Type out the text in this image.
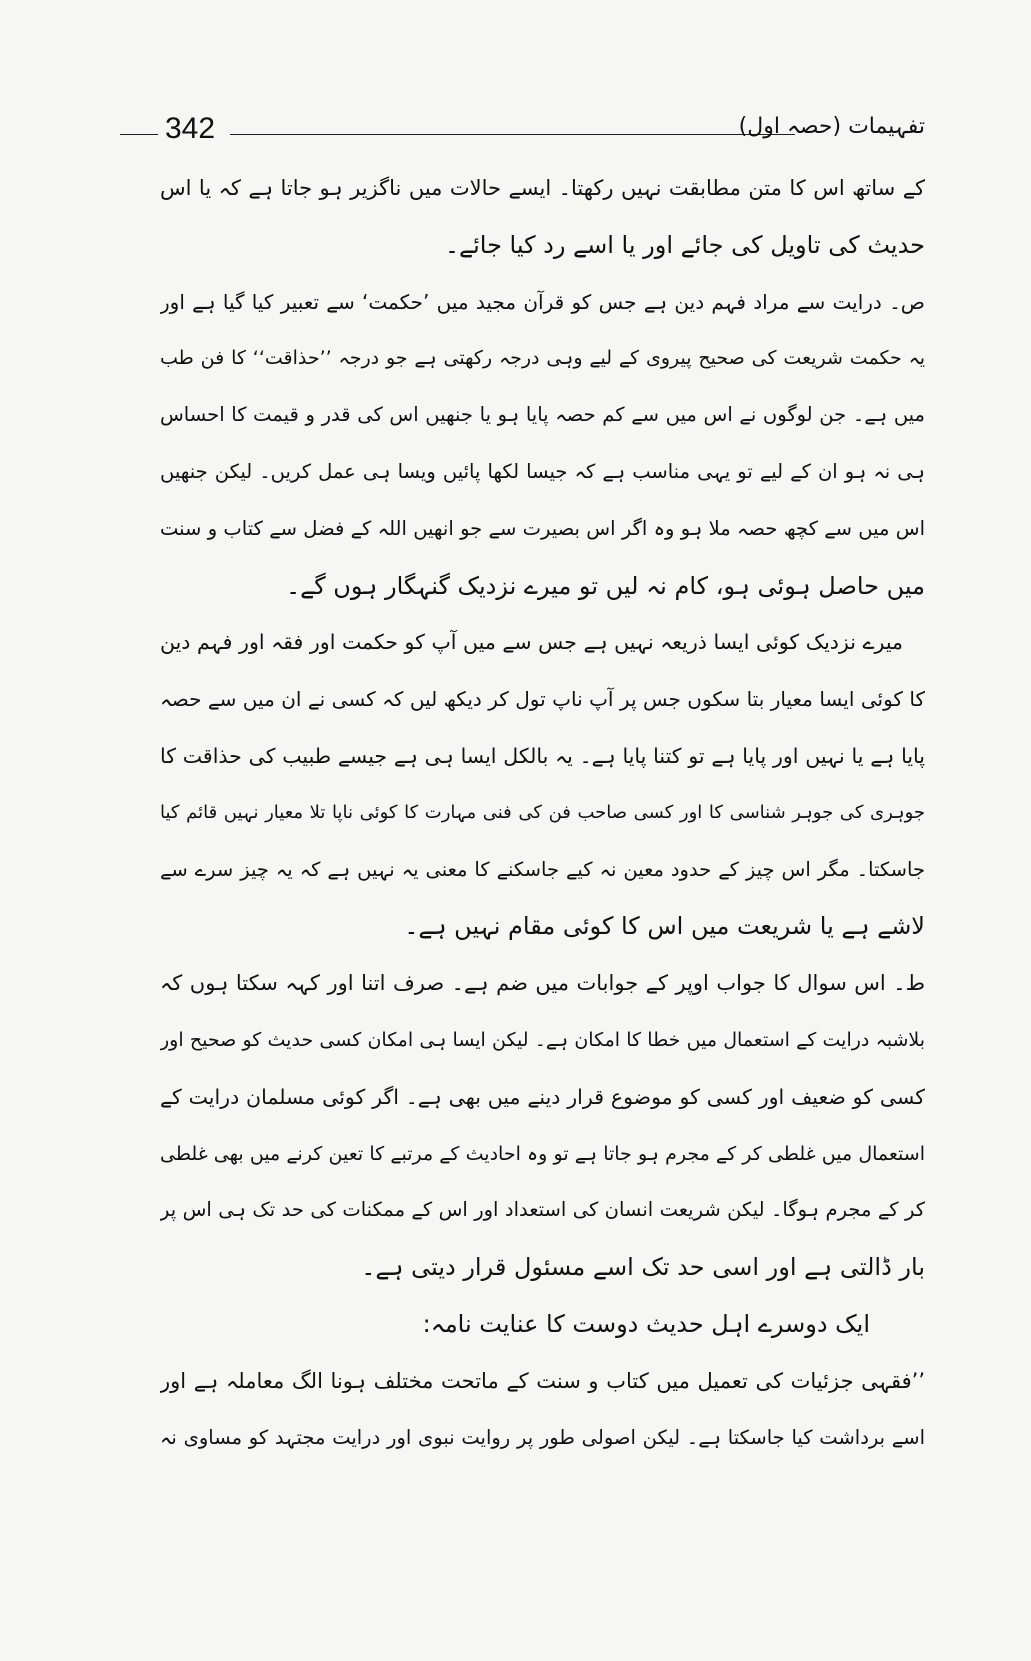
342	تفہیمات (حصہ اول)
کے ساتھ اس کا متن مطابقت نہیں رکھتا۔ ایسے حالات میں ناگزیر ہو جاتا ہے کہ یا اس
حدیث کی تاویل کی جائے اور یا اسے رد کیا جائے۔
ص۔ درایت سے مراد فہم دین ہے جس کو قرآن مجید میں ’حکمت‘ سے تعبیر کیا گیا ہے اور
یہ حکمت شریعت کی صحیح پیروی کے لیے وہی درجہ رکھتی ہے جو درجہ ’’حذاقت‘‘ کا فن طب
میں ہے۔ جن لوگوں نے اس میں سے کم حصہ پایا ہو یا جنھیں اس کی قدر و قیمت کا احساس
ہی نہ ہو ان کے لیے تو یہی مناسب ہے کہ جیسا لکھا پائیں ویسا ہی عمل کریں۔ لیکن جنھیں
اس میں سے کچھ حصہ ملا ہو وہ اگر اس بصیرت سے جو انھیں اللہ کے فضل سے کتاب و سنت
میں حاصل ہوئی ہو، کام نہ لیں تو میرے نزدیک گنہگار ہوں گے۔
میرے نزدیک کوئی ایسا ذریعہ نہیں ہے جس سے میں آپ کو حکمت اور فقہ اور فہم دین
کا کوئی ایسا معیار بتا سکوں جس پر آپ ناپ تول کر دیکھ لیں کہ کسی نے ان میں سے حصہ
پایا ہے یا نہیں اور پایا ہے تو کتنا پایا ہے۔ یہ بالکل ایسا ہی ہے جیسے طبیب کی حذاقت کا
جوہری کی جوہر شناسی کا اور کسی صاحب فن کی فنی مہارت کا کوئی ناپا تلا معیار نہیں قائم کیا
جاسکتا۔ مگر اس چیز کے حدود معین نہ کیے جاسکنے کا معنی یہ نہیں ہے کہ یہ چیز سرے سے
لاشے ہے یا شریعت میں اس کا کوئی مقام نہیں ہے۔
ط۔ اس سوال کا جواب اوپر کے جوابات میں ضم ہے۔ صرف اتنا اور کہہ سکتا ہوں کہ
بلاشبہ درایت کے استعمال میں خطا کا امکان ہے۔ لیکن ایسا ہی امکان کسی حدیث کو صحیح اور
کسی کو ضعیف اور کسی کو موضوع قرار دینے میں بھی ہے۔ اگر کوئی مسلمان درایت کے
استعمال میں غلطی کر کے مجرم ہو جاتا ہے تو وہ احادیث کے مرتبے کا تعین کرنے میں بھی غلطی
کر کے مجرم ہوگا۔ لیکن شریعت انسان کی استعداد اور اس کے ممکنات کی حد تک ہی اس پر
بار ڈالتی ہے اور اسی حد تک اسے مسئول قرار دیتی ہے۔
ایک دوسرے اہل حدیث دوست کا عنایت نامہ:
’’فقہی جزئیات کی تعمیل میں کتاب و سنت کے ماتحت مختلف ہونا الگ معاملہ ہے اور
اسے برداشت کیا جاسکتا ہے۔ لیکن اصولی طور پر روایت نبوی اور درایت مجتہد کو مساوی نہ
